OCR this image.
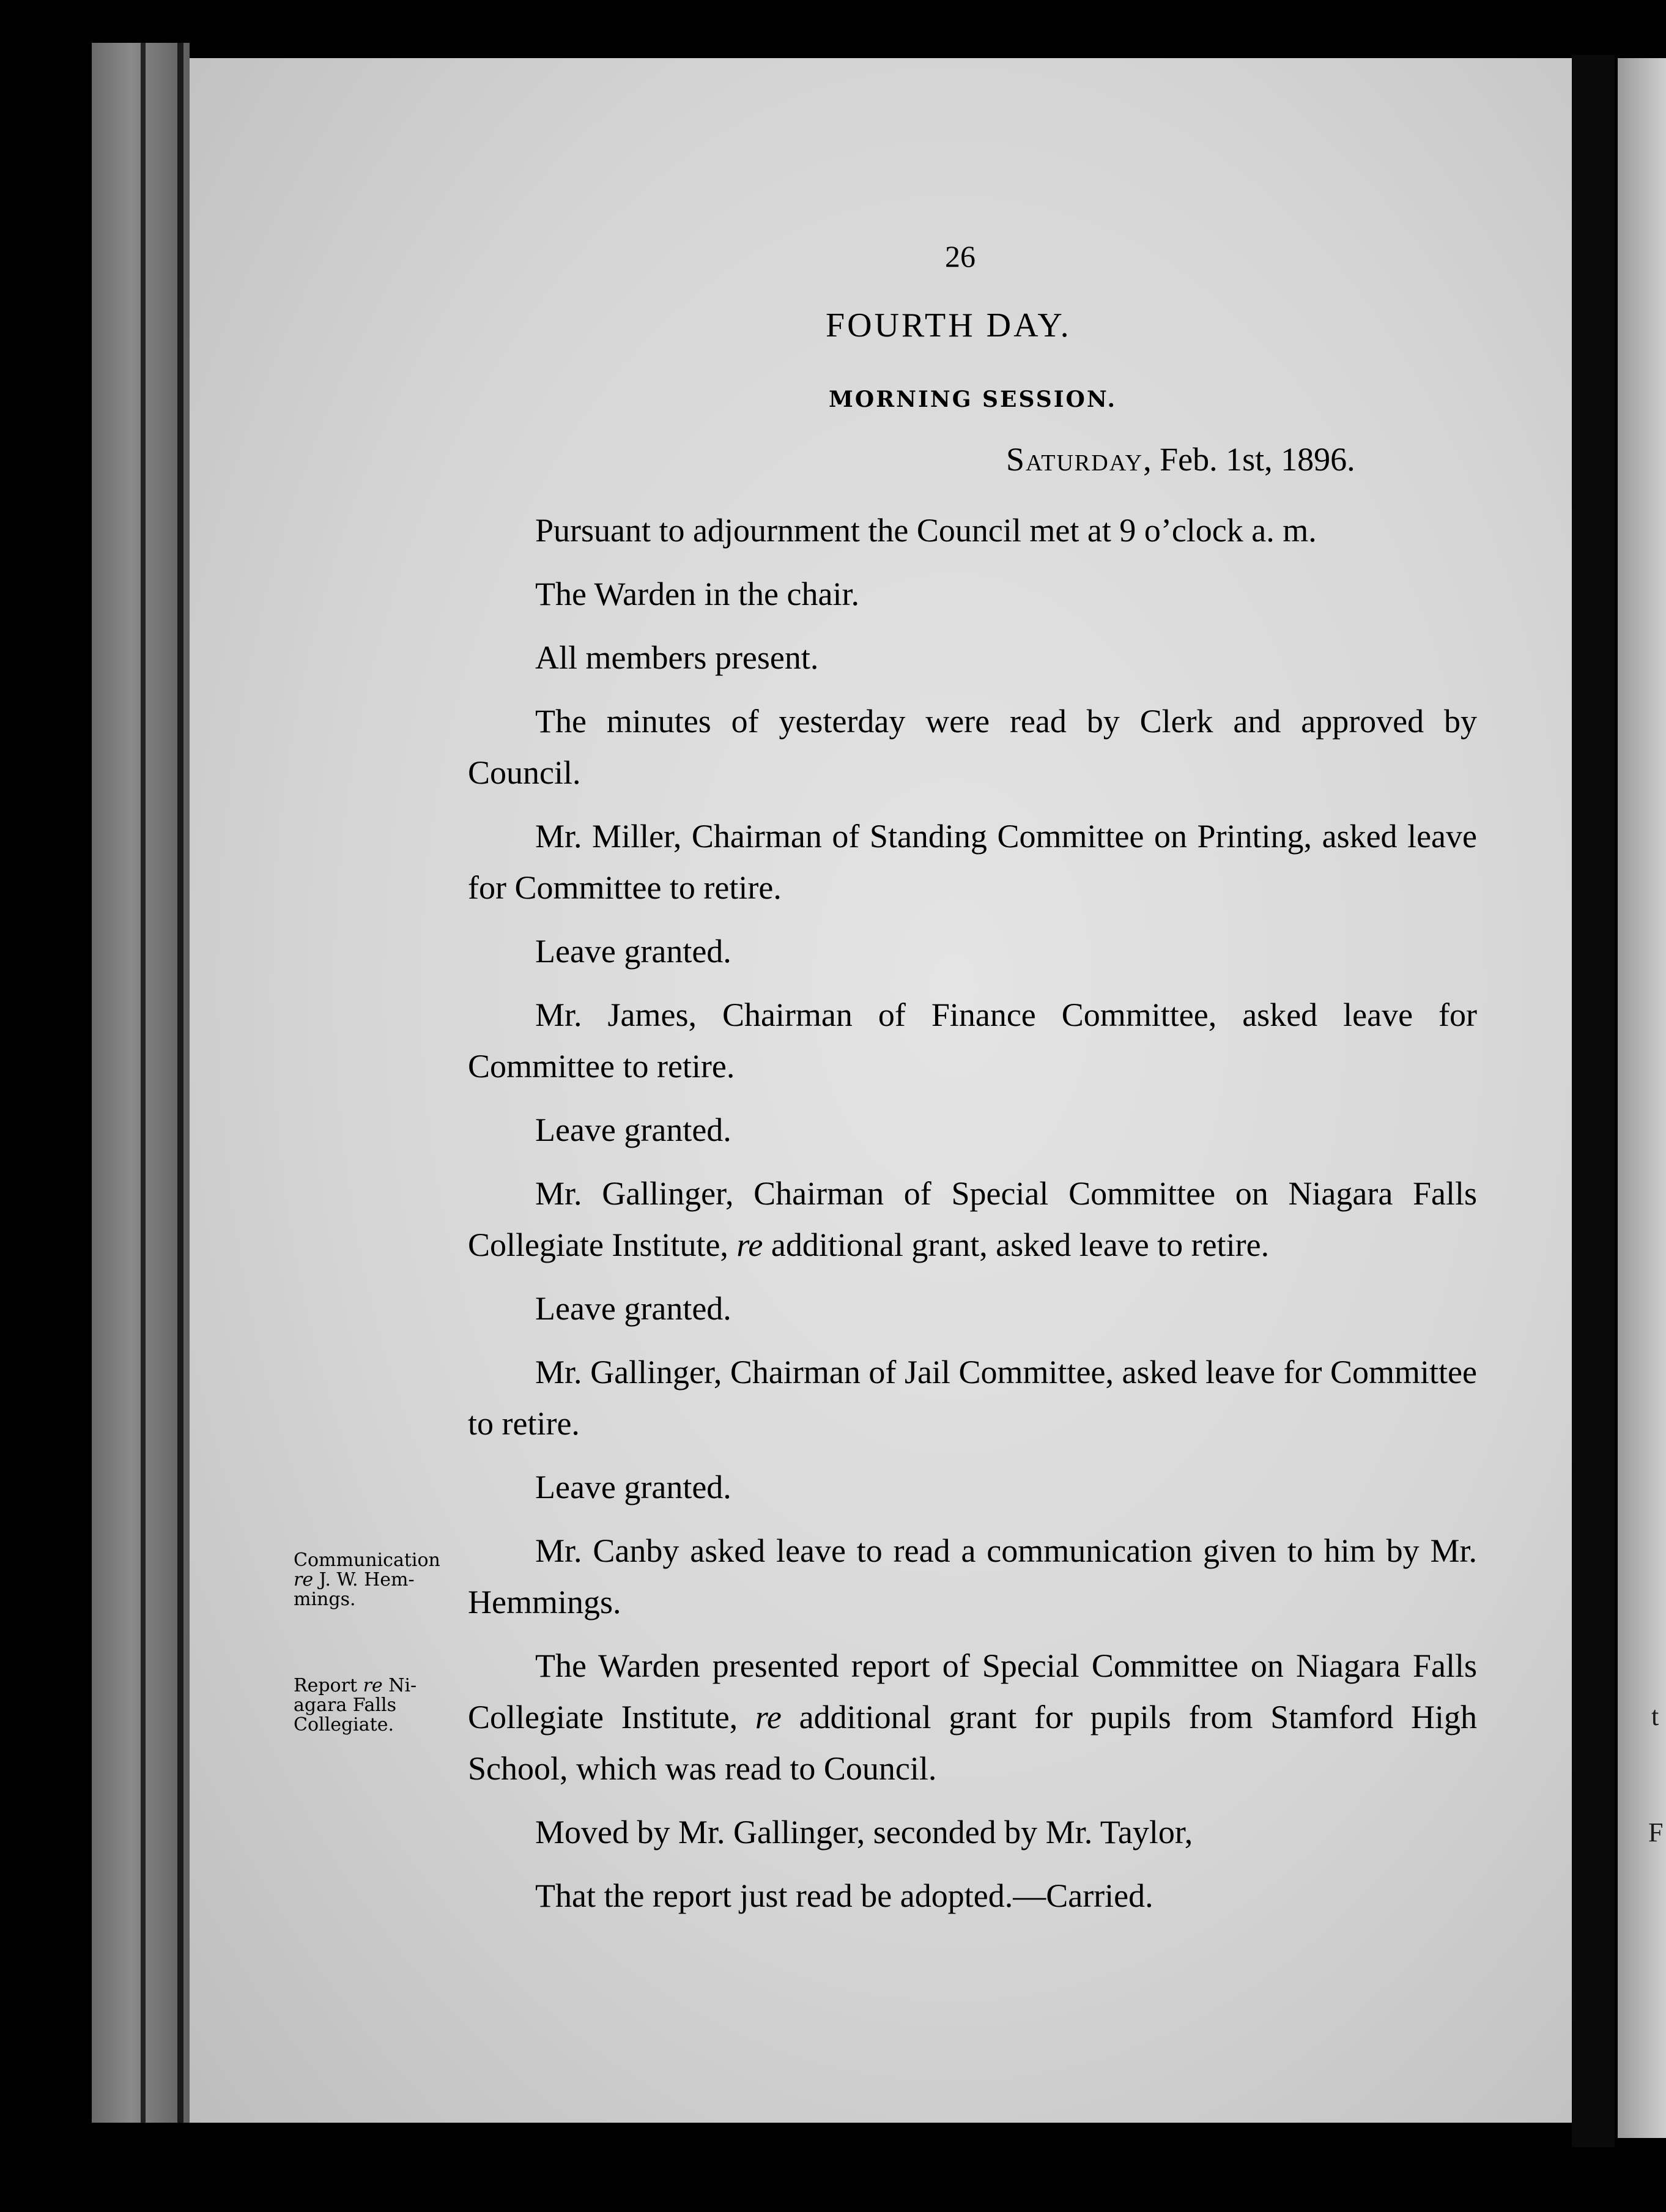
t
F
26
FOURTH DAY.
MORNING SESSION.
Saturday, Feb. 1st, 1896.

Pursuant to adjournment the Council met at 9 o’clock a. m.

The Warden in the chair.

All members present.

The minutes of yesterday were read by Clerk and approved by Council.

Mr. Miller, Chairman of Standing Committee on Printing, asked leave for Committee to retire.

Leave granted.

Mr. James, Chairman of Finance Committee, asked leave for Committee to retire.

Leave granted.

Mr. Gallinger, Chairman of Special Committee on Niagara Falls Collegiate Institute, re additional grant, asked leave to retire.

Leave granted.

Mr. Gallinger, Chairman of Jail Committee, asked leave for Committee to retire.

Leave granted.

Mr. Canby asked leave to read a communication given to him by Mr. Hemmings.

The Warden presented report of Special Committee on Niagara Falls Collegiate Institute, re additional grant for pupils from Stamford High School, which was read to Council.

Moved by Mr. Gallinger, seconded by Mr. Taylor,

That the report just read be adopted.—Carried.

Communication
re J. W. Hem-
mings.
Report re Ni-
agara Falls
Collegiate.
